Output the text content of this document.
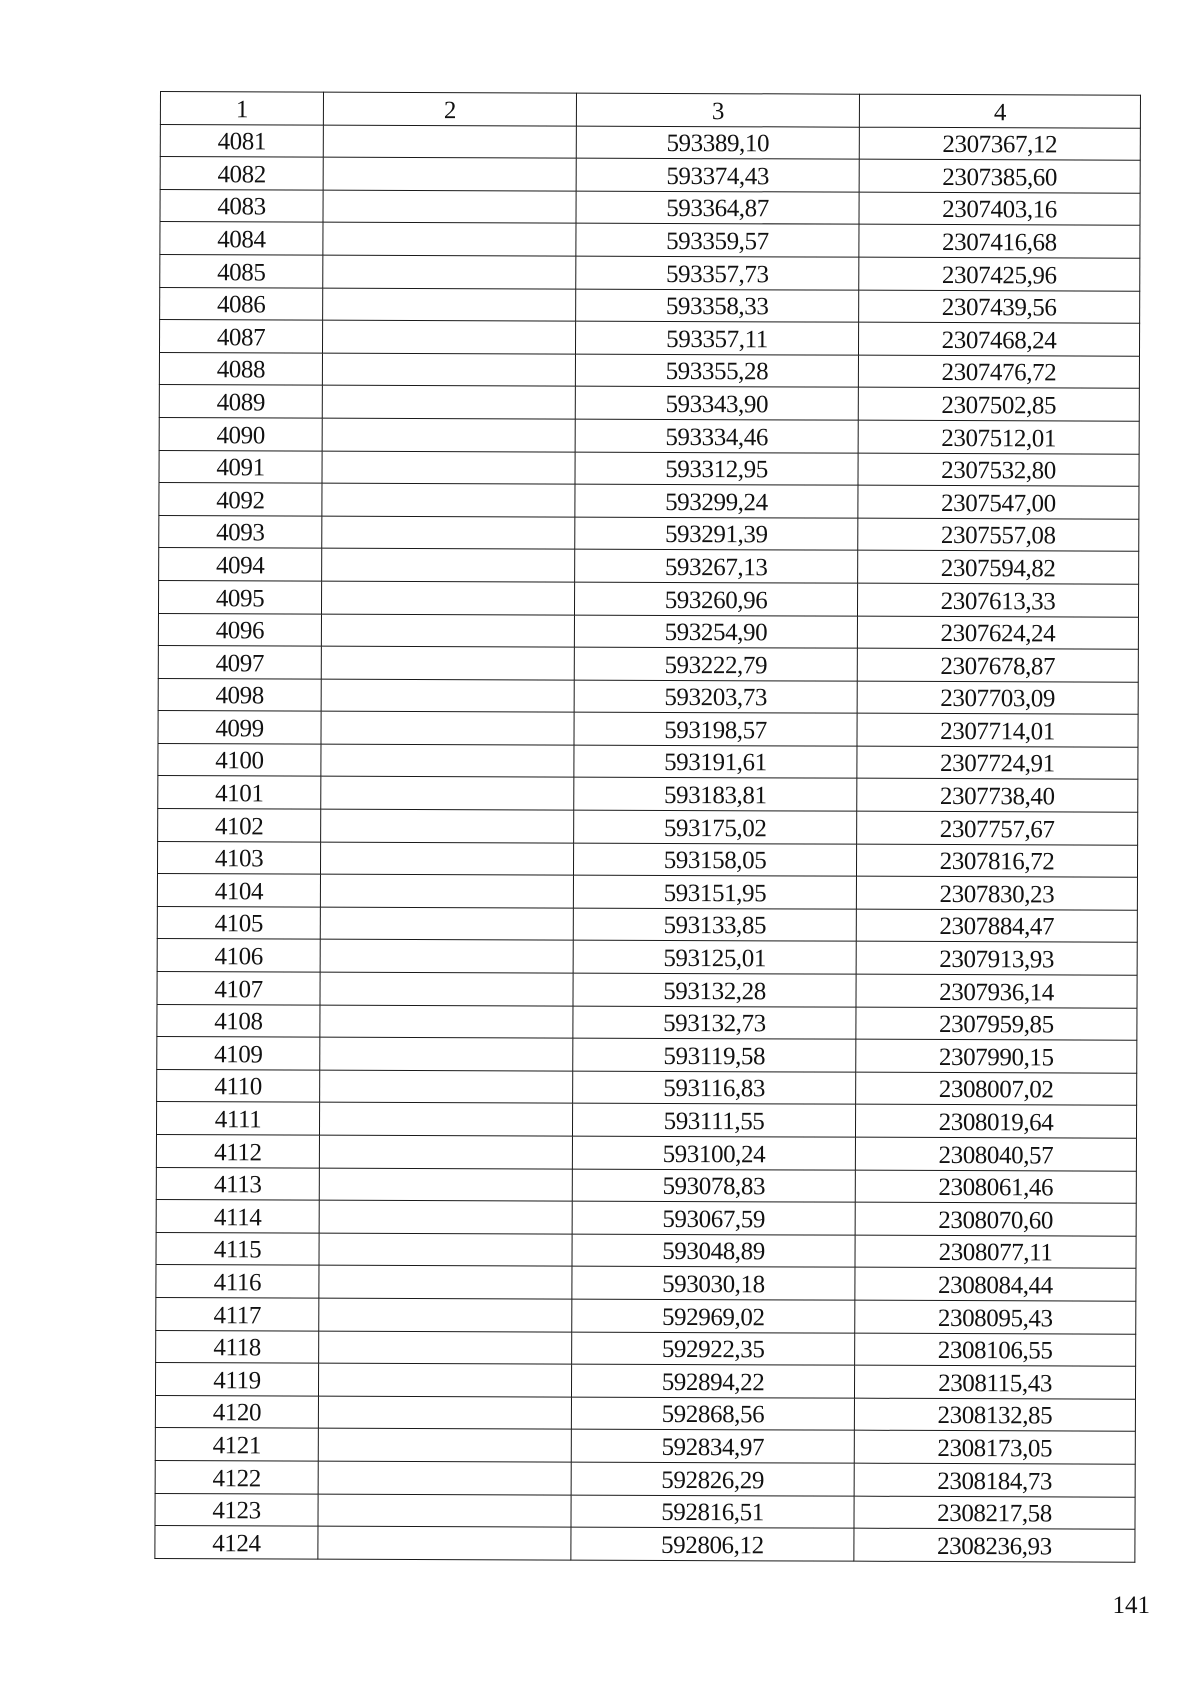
1	2	3	4
4081		593389,10	2307367,12
4082		593374,43	2307385,60
4083		593364,87	2307403,16
4084		593359,57	2307416,68
4085		593357,73	2307425,96
4086		593358,33	2307439,56
4087		593357,11	2307468,24
4088		593355,28	2307476,72
4089		593343,90	2307502,85
4090		593334,46	2307512,01
4091		593312,95	2307532,80
4092		593299,24	2307547,00
4093		593291,39	2307557,08
4094		593267,13	2307594,82
4095		593260,96	2307613,33
4096		593254,90	2307624,24
4097		593222,79	2307678,87
4098		593203,73	2307703,09
4099		593198,57	2307714,01
4100		593191,61	2307724,91
4101		593183,81	2307738,40
4102		593175,02	2307757,67
4103		593158,05	2307816,72
4104		593151,95	2307830,23
4105		593133,85	2307884,47
4106		593125,01	2307913,93
4107		593132,28	2307936,14
4108		593132,73	2307959,85
4109		593119,58	2307990,15
4110		593116,83	2308007,02
4111		593111,55	2308019,64
4112		593100,24	2308040,57
4113		593078,83	2308061,46
4114		593067,59	2308070,60
4115		593048,89	2308077,11
4116		593030,18	2308084,44
4117		592969,02	2308095,43
4118		592922,35	2308106,55
4119		592894,22	2308115,43
4120		592868,56	2308132,85
4121		592834,97	2308173,05
4122		592826,29	2308184,73
4123		592816,51	2308217,58
4124		592806,12	2308236,93
141
